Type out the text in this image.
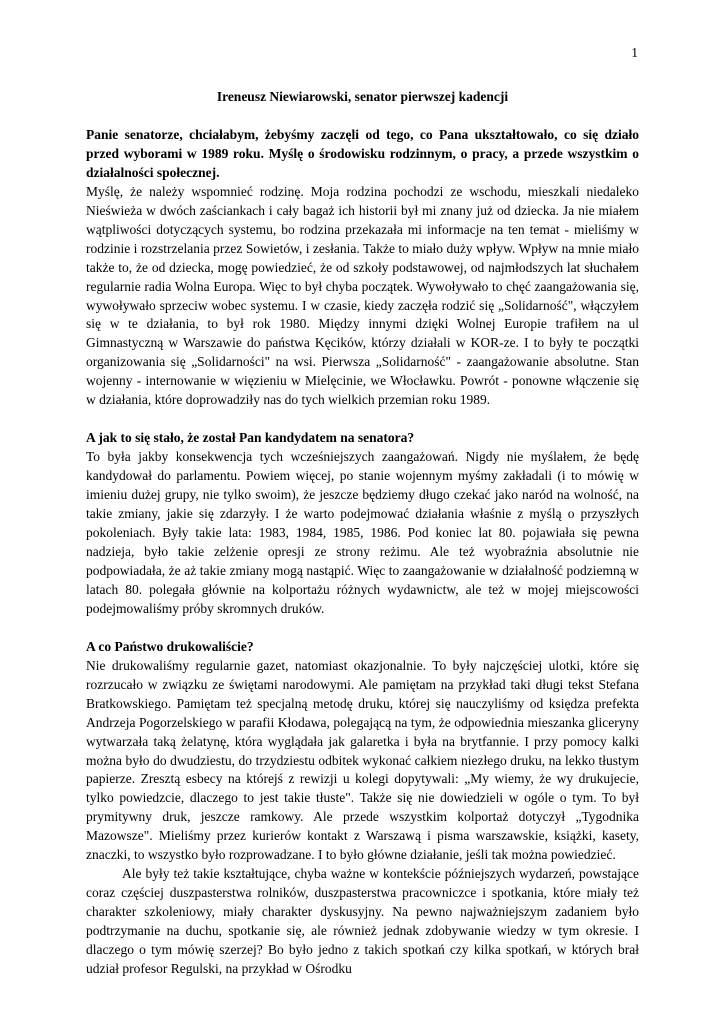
1

Ireneusz Niewiarowski, senator pierwszej kadencji

Panie senatorze, chciałabym, żebyśmy zaczęli od tego, co Pana ukształtowało, co się działo przed wyborami w 1989 roku. Myślę o środowisku rodzinnym, o pracy, a przede wszystkim o działalności społecznej.

Myślę, że należy wspomnieć rodzinę. Moja rodzina pochodzi ze wschodu, mieszkali niedaleko Nieświeża w dwóch zaściankach i cały bagaż ich historii był mi znany już od dziecka. Ja nie miałem wątpliwości dotyczących systemu, bo rodzina przekazała mi informacje na ten temat - mieliśmy w rodzinie i rozstrzelania przez Sowietów, i zesłania. Także to miało duży wpływ. Wpływ na mnie miało także to, że od dziecka, mogę powiedzieć, że od szkoły podstawowej, od najmłodszych lat słuchałem regularnie radia Wolna Europa. Więc to był chyba początek. Wywoływało to chęć zaangażowania się, wywoływało sprzeciw wobec systemu. I w czasie, kiedy zaczęła rodzić się „Solidarność", włączyłem się w te działania, to był rok 1980. Między innymi dzięki Wolnej Europie trafiłem na ul Gimnastyczną w Warszawie do państwa Kęcików, którzy działali w KOR-ze. I to były te początki organizowania się „Solidarności" na wsi. Pierwsza „Solidarność" - zaangażowanie absolutne. Stan wojenny - internowanie w więzieniu w Mielęcinie, we Włocławku. Powrót - ponowne włączenie się w działania, które doprowadziły nas do tych wielkich przemian roku 1989.

A jak to się stało, że został Pan kandydatem na senatora?

To była jakby konsekwencja tych wcześniejszych zaangażowań. Nigdy nie myślałem, że będę kandydował do parlamentu. Powiem więcej, po stanie wojennym myśmy zakładali (i to mówię w imieniu dużej grupy, nie tylko swoim), że jeszcze będziemy długo czekać jako naród na wolność, na takie zmiany, jakie się zdarzyły. I że warto podejmować działania właśnie z myślą o przyszłych pokoleniach. Były takie lata: 1983, 1984, 1985, 1986. Pod koniec lat 80. pojawiała się pewna nadzieja, było takie zelżenie opresji ze strony reżimu. Ale też wyobraźnia absolutnie nie podpowiadała, że aż takie zmiany mogą nastąpić. Więc to zaangażowanie w działalność podziemną w latach 80. polegała głównie na kolportażu różnych wydawnictw, ale też w mojej miejscowości podejmowaliśmy próby skromnych druków.

A co Państwo drukowaliście?

Nie drukowaliśmy regularnie gazet, natomiast okazjonalnie. To były najczęściej ulotki, które się rozrzucało w związku ze świętami narodowymi. Ale pamiętam na przykład taki długi tekst Stefana Bratkowskiego. Pamiętam też specjalną metodę druku, której się nauczyliśmy od księdza prefekta Andrzeja Pogorzelskiego w parafii Kłodawa, polegającą na tym, że odpowiednia mieszanka gliceryny wytwarzała taką żelatynę, która wyglądała jak galaretka i była na brytfannie. I przy pomocy kalki można było do dwudziestu, do trzydziestu odbitek wykonać całkiem niezłego druku, na lekko tłustym papierze. Zresztą esbecy na którejś z rewizji u kolegi dopytywali: „My wiemy, że wy drukujecie, tylko powiedzcie, dlaczego to jest takie tłuste". Także się nie dowiedzieli w ogóle o tym. To był prymitywny druk, jeszcze ramkowy. Ale przede wszystkim kolportaż dotyczył „Tygodnika Mazowsze". Mieliśmy przez kurierów kontakt z Warszawą i pisma warszawskie, książki, kasety, znaczki, to wszystko było rozprowadzane. I to było główne działanie, jeśli tak można powiedzieć.

Ale były też takie kształtujące, chyba ważne w kontekście późniejszych wydarzeń, powstające coraz częściej duszpasterstwa rolników, duszpasterstwa pracowniczce i spotkania, które miały też charakter szkoleniowy, miały charakter dyskusyjny. Na pewno najważniejszym zadaniem było podtrzymanie na duchu, spotkanie się, ale również jednak zdobywanie wiedzy w tym okresie. I dlaczego o tym mówię szerzej? Bo było jedno z takich spotkań czy kilka spotkań, w których brał udział profesor Regulski, na przykład w Ośrodku
